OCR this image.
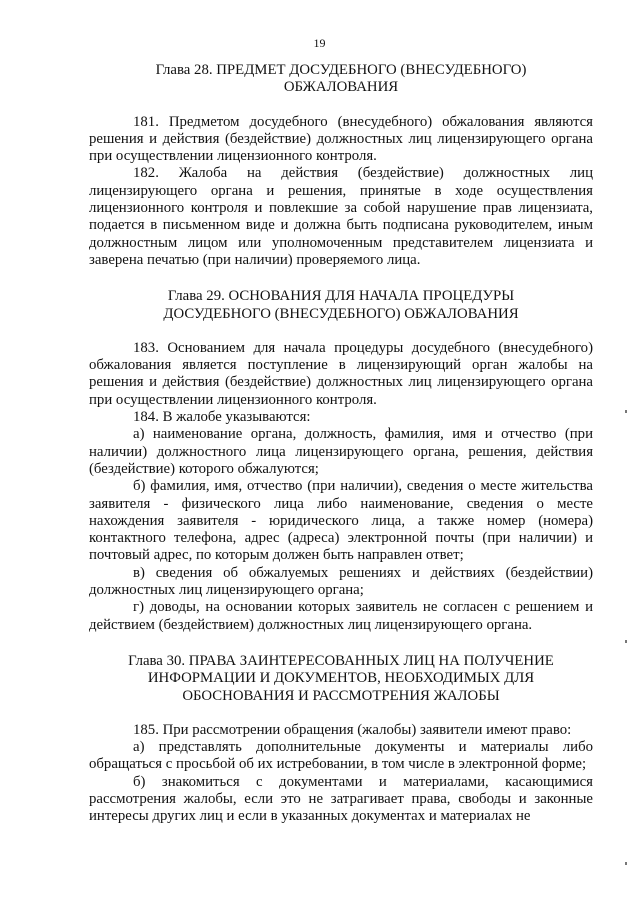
19
Глава 28. ПРЕДМЕТ ДОСУДЕБНОГО (ВНЕСУДЕБНОГО)
ОБЖАЛОВАНИЯ

181. Предметом досудебного (внесудебного) обжалования являются решения и действия (бездействие) должностных лиц лицензирующего органа при осуществлении лицензионного контроля.

182. Жалоба на действия (бездействие) должностных лиц лицензирующего органа и решения, принятые в ходе осуществления лицензионного контроля и повлекшие за собой нарушение прав лицензиата, подается в письменном виде и должна быть подписана руководителем, иным должностным лицом или уполномоченным представителем лицензиата и заверена печатью (при наличии) проверяемого лица.

Глава 29. ОСНОВАНИЯ ДЛЯ НАЧАЛА ПРОЦЕДУРЫ
ДОСУДЕБНОГО (ВНЕСУДЕБНОГО) ОБЖАЛОВАНИЯ

183. Основанием для начала процедуры досудебного (внесудебного) обжалования является поступление в лицензирующий орган жалобы на решения и действия (бездействие) должностных лиц лицензирующего органа при осуществлении лицензионного контроля.

184. В жалобе указываются:

а) наименование органа, должность, фамилия, имя и отчество (при наличии) должностного лица лицензирующего органа, решения, действия (бездействие) которого обжалуются;

б) фамилия, имя, отчество (при наличии), сведения о месте жительства заявителя - физического лица либо наименование, сведения о месте нахождения заявителя - юридического лица, а также номер (номера) контактного телефона, адрес (адреса) электронной почты (при наличии) и почтовый адрес, по которым должен быть направлен ответ;

в) сведения об обжалуемых решениях и действиях (бездействии) должностных лиц лицензирующего органа;

г) доводы, на основании которых заявитель не согласен с решением и действием (бездействием) должностных лиц лицензирующего органа.

Глава 30. ПРАВА ЗАИНТЕРЕСОВАННЫХ ЛИЦ НА ПОЛУЧЕНИЕ
ИНФОРМАЦИИ И ДОКУМЕНТОВ, НЕОБХОДИМЫХ ДЛЯ
ОБОСНОВАНИЯ И РАССМОТРЕНИЯ ЖАЛОБЫ

185. При рассмотрении обращения (жалобы) заявители имеют право:

а) представлять дополнительные документы и материалы либо обращаться с просьбой об их истребовании, в том числе в электронной форме;

б) знакомиться с документами и материалами, касающимися рассмотрения жалобы, если это не затрагивает права, свободы и законные интересы других лиц и если в указанных документах и материалах не
